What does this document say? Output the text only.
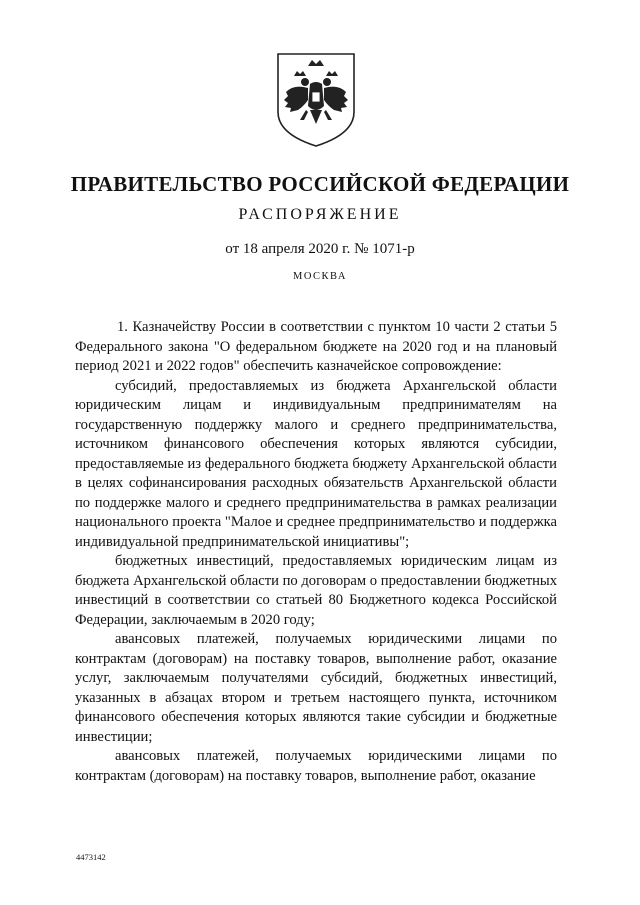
ПРАВИТЕЛЬСТВО РОССИЙСКОЙ ФЕДЕРАЦИИ
РАСПОРЯЖЕНИЕ
от 18 апреля 2020 г. № 1071-р
МОСКВА

1. Казначейству России в соответствии с пунктом 10 части 2 статьи 5 Федерального закона "О федеральном бюджете на 2020 год и на плановый период 2021 и 2022 годов" обеспечить казначейское сопровождение:

субсидий, предоставляемых из бюджета Архангельской области юридическим лицам и индивидуальным предпринимателям на государственную поддержку малого и среднего предпринимательства, источником финансового обеспечения которых являются субсидии, предоставляемые из федерального бюджета бюджету Архангельской области в целях софинансирования расходных обязательств Архангельской области по поддержке малого и среднего предпринимательства в рамках реализации национального проекта "Малое и среднее предпринимательство и поддержка индивидуальной предпринимательской инициативы";

бюджетных инвестиций, предоставляемых юридическим лицам из бюджета Архангельской области по договорам о предоставлении бюджетных инвестиций в соответствии со статьей 80 Бюджетного кодекса Российской Федерации, заключаемым в 2020 году;

авансовых платежей, получаемых юридическими лицами по контрактам (договорам) на поставку товаров, выполнение работ, оказание услуг, заключаемым получателями субсидий, бюджетных инвестиций, указанных в абзацах втором и третьем настоящего пункта, источником финансового обеспечения которых являются такие субсидии и бюджетные инвестиции;

авансовых платежей, получаемых юридическими лицами по контрактам (договорам) на поставку товаров, выполнение работ, оказание

4473142
